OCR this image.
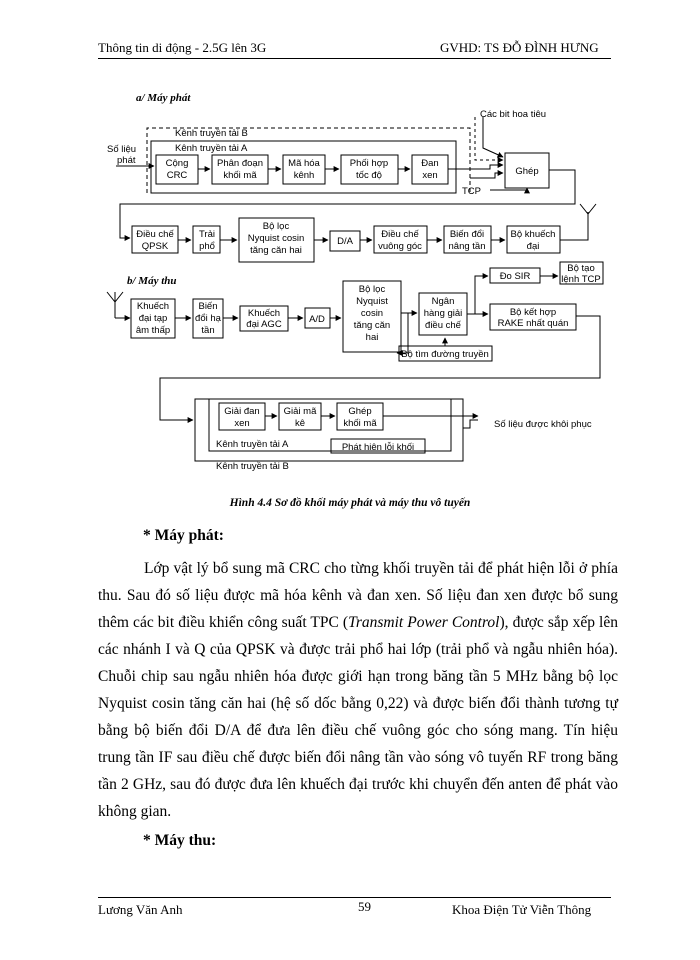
Thông tin di động - 2.5G lên 3G	GVHD: TS ĐỖ ĐÌNH HƯNG
a/ Máy phát
b/ Máy thu
Các bit hoa tiêu
Số liệu
phát
Kênh truyền tải B
Kênh truyền tải A
Cộng
CRC
Phân đoạn
khối mã
Mã hóa
kênh
Phối hợp
tốc độ
Đan
xen	Ghép
TCP
Điều chế
QPSK
Trải
phổ
Bộ lọc
Nyquist cosin
tăng căn hai
D/A
Điều chế
vuông góc
Biến đổi
nâng tần
Bộ khuếch
đại
Khuếch
đại tạp
âm thấp
Biến
đổi hạ
tần
Khuếch
đại AGC	A/D
Bộ lọc
Nyquist
cosin
tăng căn
hai
Ngân
hàng giải
điều chế
Đo SIR
Bộ tạo
lệnh TCP
Bộ kết hợp
RAKE nhất quán
Bộ tìm đường truyền
Giải đan
xen
Giải mã
kê
Ghép
khối mã
Kênh truyền tải A
Kênh truyền tải B
Phát hiện lỗi khối
Số liệu được khôi phục
Hình 4.4 Sơ đồ khối máy phát và máy thu vô tuyến
* Máy phát:

Lớp vật lý bổ sung mã CRC cho từng khối truyền tải để phát hiện lỗi ở phía thu. Sau đó số liệu được mã hóa kênh và đan xen. Số liệu đan xen được bổ sung thêm các bit điều khiển công suất TPC (Transmit Power Control), được sắp xếp lên các nhánh I và Q của QPSK và được trải phổ hai lớp (trải phổ và ngẫu nhiên hóa). Chuỗi chip sau ngẫu nhiên hóa được giới hạn trong băng tần 5 MHz bằng bộ lọc Nyquist cosin tăng căn hai (hệ số dốc bằng 0,22) và được biến đổi thành tương tự bằng bộ biến đổi D/A để đưa lên điều chế vuông góc cho sóng mang. Tín hiệu trung tần IF sau điều chế được biến đổi nâng tần vào sóng vô tuyến RF trong băng tần 2 GHz, sau đó được đưa lên khuếch đại trước khi chuyển đến anten để phát vào không gian.

* Máy thu:
Lương Văn Anh	59	Khoa Điện Tử Viễn Thông
